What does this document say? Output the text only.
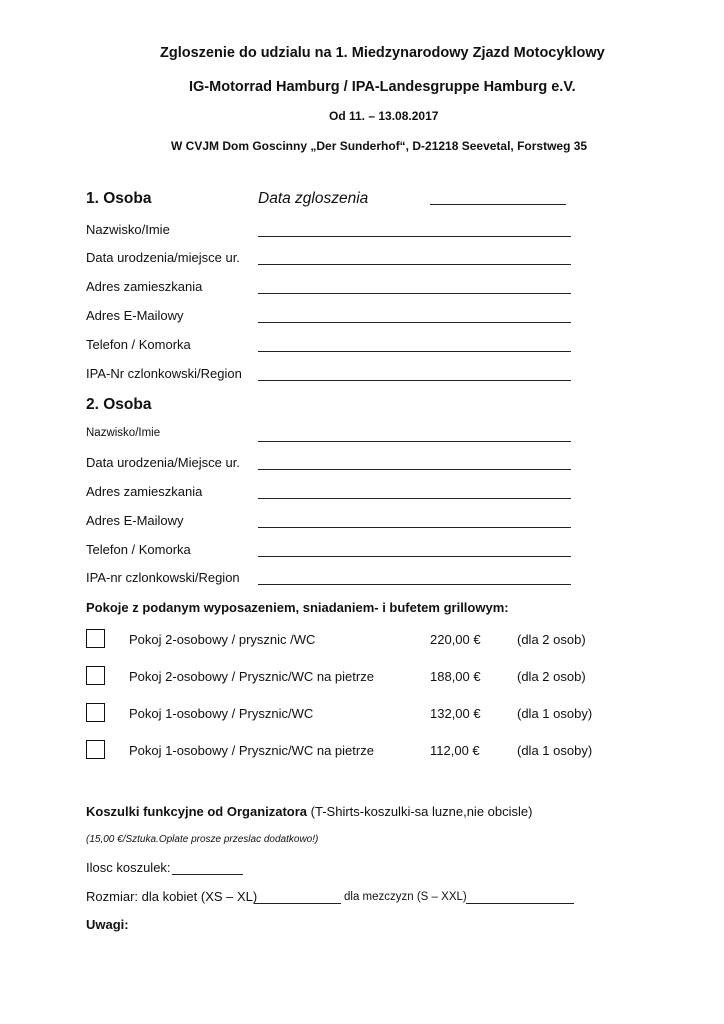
Zgloszenie do udzialu na 1. Miedzynarodowy Zjazd Motocyklowy
IG-Motorrad Hamburg / IPA-Landesgruppe Hamburg e.V.
Od 11. – 13.08.2017
W CVJM Dom Goscinny „Der Sunderhof“, D-21218 Seevetal, Forstweg 35
1. Osoba	Data zgloszenia
Nazwisko/Imie
Data urodzenia/miejsce ur.
Adres zamieszkania
Adres E-Mailowy
Telefon / Komorka
IPA-Nr czlonkowski/Region
2. Osoba
Nazwisko/Imie
Data urodzenia/Miejsce ur.
Adres zamieszkania
Adres E-Mailowy
Telefon / Komorka
IPA-nr czlonkowski/Region
Pokoje z podanym wyposazeniem, sniadaniem- i bufetem grillowym:
Pokoj 2-osobowy / prysznic /WC	220,00 €	(dla 2 osob)
Pokoj 2-osobowy / Prysznic/WC na pietrze	188,00 €	(dla 2 osob)
Pokoj 1-osobowy / Prysznic/WC	132,00 €	(dla 1 osoby)
Pokoj 1-osobowy / Prysznic/WC na pietrze	112,00 €	(dla 1 osoby)
Koszulki funkcyjne od Organizatora (T-Shirts-koszulki-sa luzne,nie obcisle)
(15,00 €/Sztuka.Oplate prosze przeslac dodatkowo!)
Ilosc koszulek:
Rozmiar: dla kobiet (XS – XL)	dla mezczyzn (S – XXL)
Uwagi:
